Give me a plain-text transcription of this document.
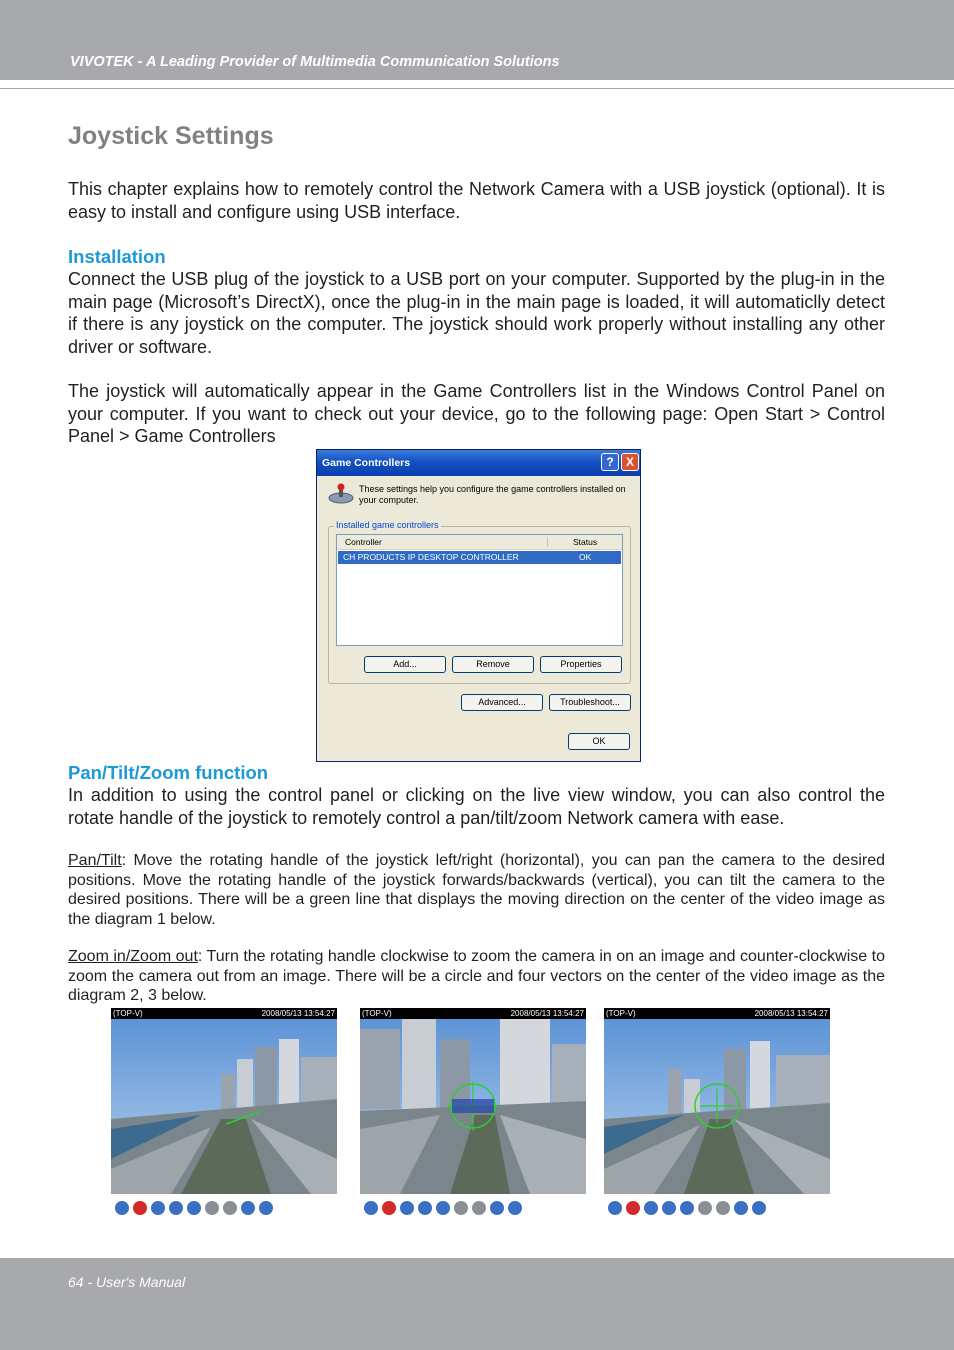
VIVOTEK - A Leading Provider of Multimedia Communication Solutions
Joystick Settings

This chapter explains how to remotely control the Network Camera with a USB joystick (optional). It is easy to install and configure using USB interface.

Installation

Connect the USB plug of the joystick to a USB port on your computer. Supported by the plug-in in the main page (Microsoft’s DirectX), once the plug-in in the main page is loaded, it will automaticlly detect if there is any joystick on the computer. The joystick should work properly without installing any other driver or software.

The joystick will automatically appear in the Game Controllers list in the Windows Control Panel on your computer. If you want to check out your device, go to the following page: Open Start > Control Panel > Game Controllers

Game Controllers	?	X
These settings help you configure the game controllers installed on your computer.
Installed game controllers
Controller	Status
CH PRODUCTS IP DESKTOP CONTROLLER	OK
Add...	Remove	Properties
Advanced...	Troubleshoot...
OK

Pan/Tilt/Zoom function

In addition to using the control panel or clicking on the live view window, you can also control the rotate handle of the joystick to remotely control a pan/tilt/zoom Network camera with ease.

Pan/Tilt: Move the rotating handle of the joystick left/right (horizontal), you can pan the camera to the desired positions. Move the rotating handle of the joystick forwards/backwards (vertical), you can tilt the camera to the desired positions. There will be a green line that displays the moving direction on the center of the video image as the diagram 1 below.

Zoom in/Zoom out: Turn the rotating handle clockwise to zoom the camera in on an image and counter-clockwise to zoom the camera out from an image. There will be a circle and four vectors on the center of the video image as the diagram 2, 3 below.

(TOP-V)	2008/05/13 13:54:27	(TOP-V)	2008/05/13 13:54:27	(TOP-V)	2008/05/13 13:54:27
64 - User's Manual
